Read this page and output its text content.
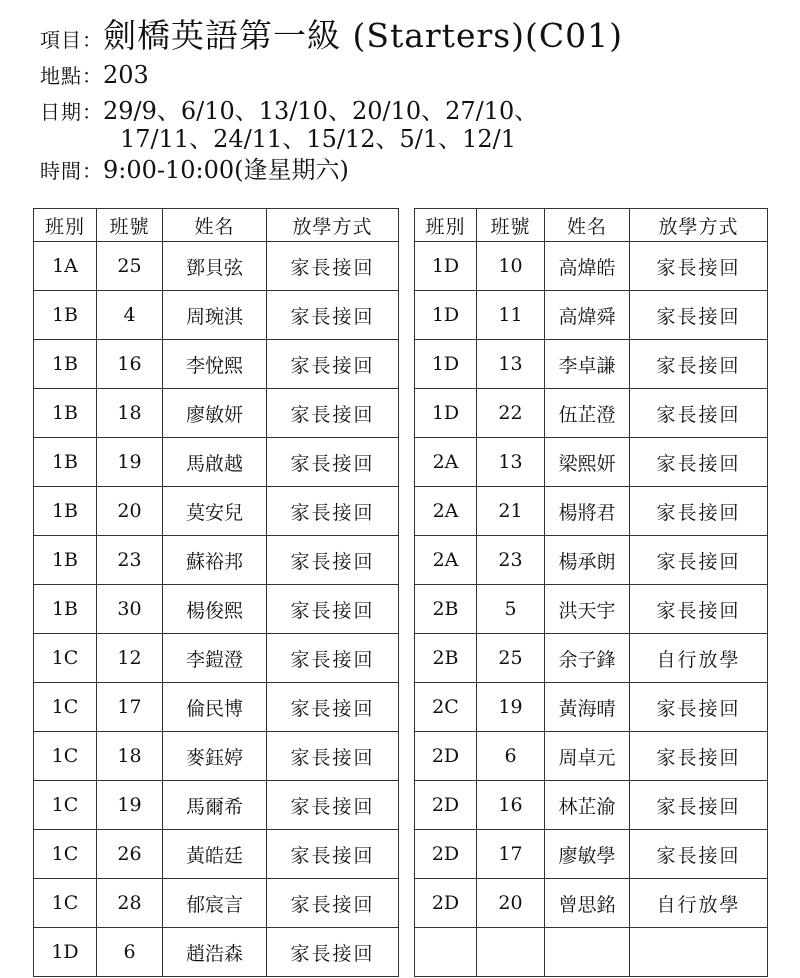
項目：劍橋英語第一級 (Starters)(C01)
地點：203
日期：29/9、6/10、13/10、20/10、27/10、
17/11、24/11、15/12、5/1、12/1
時間：9:00-10:00(逢星期六)
班別	班號	姓名	放學方式
1A	25	鄧貝弦	家長接回
1B	4	周琬淇	家長接回
1B	16	李悅熙	家長接回
1B	18	廖敏妍	家長接回
1B	19	馬啟越	家長接回
1B	20	莫安兒	家長接回
1B	23	蘇裕邦	家長接回
1B	30	楊俊熙	家長接回
1C	12	李鎧澄	家長接回
1C	17	倫民博	家長接回
1C	18	麥鈺婷	家長接回
1C	19	馬爾希	家長接回
1C	26	黃皓廷	家長接回
1C	28	郁宸言	家長接回
1D	6	趙浩森	家長接回
班別	班號	姓名	放學方式
1D	10	高煒皓	家長接回
1D	11	高煒舜	家長接回
1D	13	李卓謙	家長接回
1D	22	伍芷澄	家長接回
2A	13	梁熙妍	家長接回
2A	21	楊將君	家長接回
2A	23	楊承朗	家長接回
2B	5	洪天宇	家長接回
2B	25	余子鋒	自行放學
2C	19	黃海晴	家長接回
2D	6	周卓元	家長接回
2D	16	林芷渝	家長接回
2D	17	廖敏學	家長接回
2D	20	曾思銘	自行放學
